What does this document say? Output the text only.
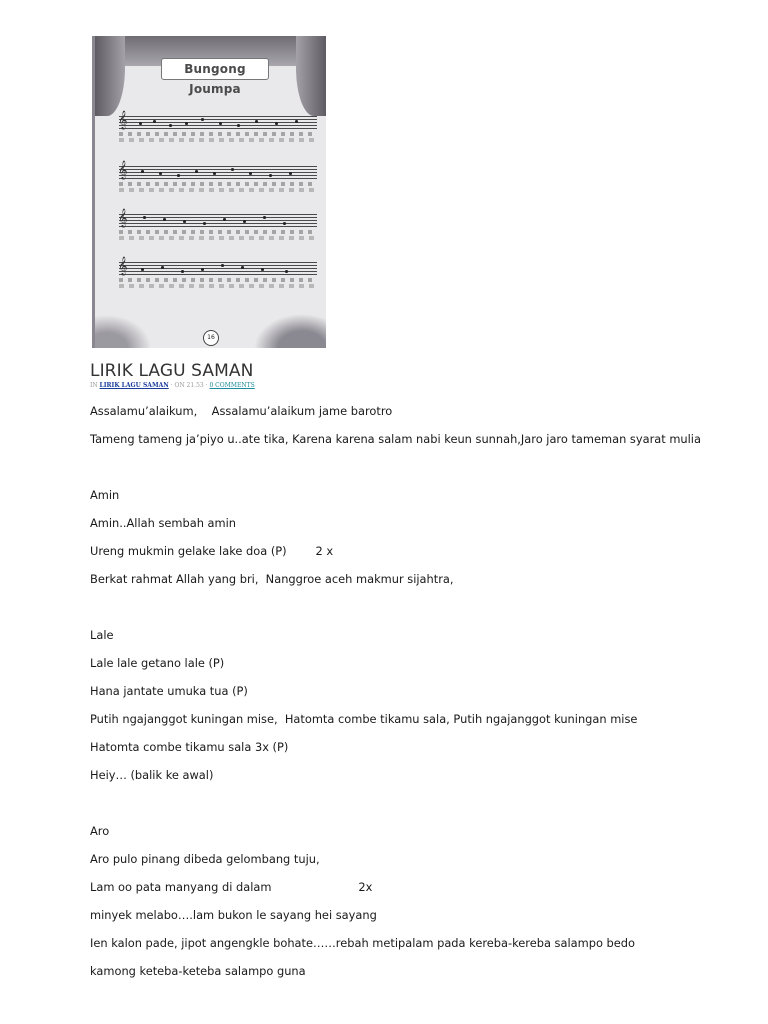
Bungong Joumpa
𝄞
𝄞
𝄞
𝄞
16
LIRIK LAGU SAMAN
IN LIRIK LAGU SAMAN · ON 21.53 · 0 COMMENTS
Assalamu’alaikum,    Assalamu’alaikum jame barotro
Tameng tameng ja’piyo u..ate tika, Karena karena salam nabi keun sunnah,Jaro jaro tameman syarat mulia
Amin
Amin..Allah sembah amin
Ureng mukmin gelake lake doa (P)        2 x
Berkat rahmat Allah yang bri,  Nanggroe aceh makmur sijahtra,
Lale
Lale lale getano lale (P)
Hana jantate umuka tua (P)
Putih ngajanggot kuningan mise,  Hatomta combe tikamu sala, Putih ngajanggot kuningan mise
Hatomta combe tikamu sala 3x (P)
Heiy… (balik ke awal)
Aro
Aro pulo pinang dibeda gelombang tuju,
Lam oo pata manyang di dalam                        2x
minyek melabo….lam bukon le sayang hei sayang
Ien kalon pade, jipot angengkle bohate……rebah metipalam pada kereba-kereba salampo bedo
kamong keteba-keteba salampo guna
